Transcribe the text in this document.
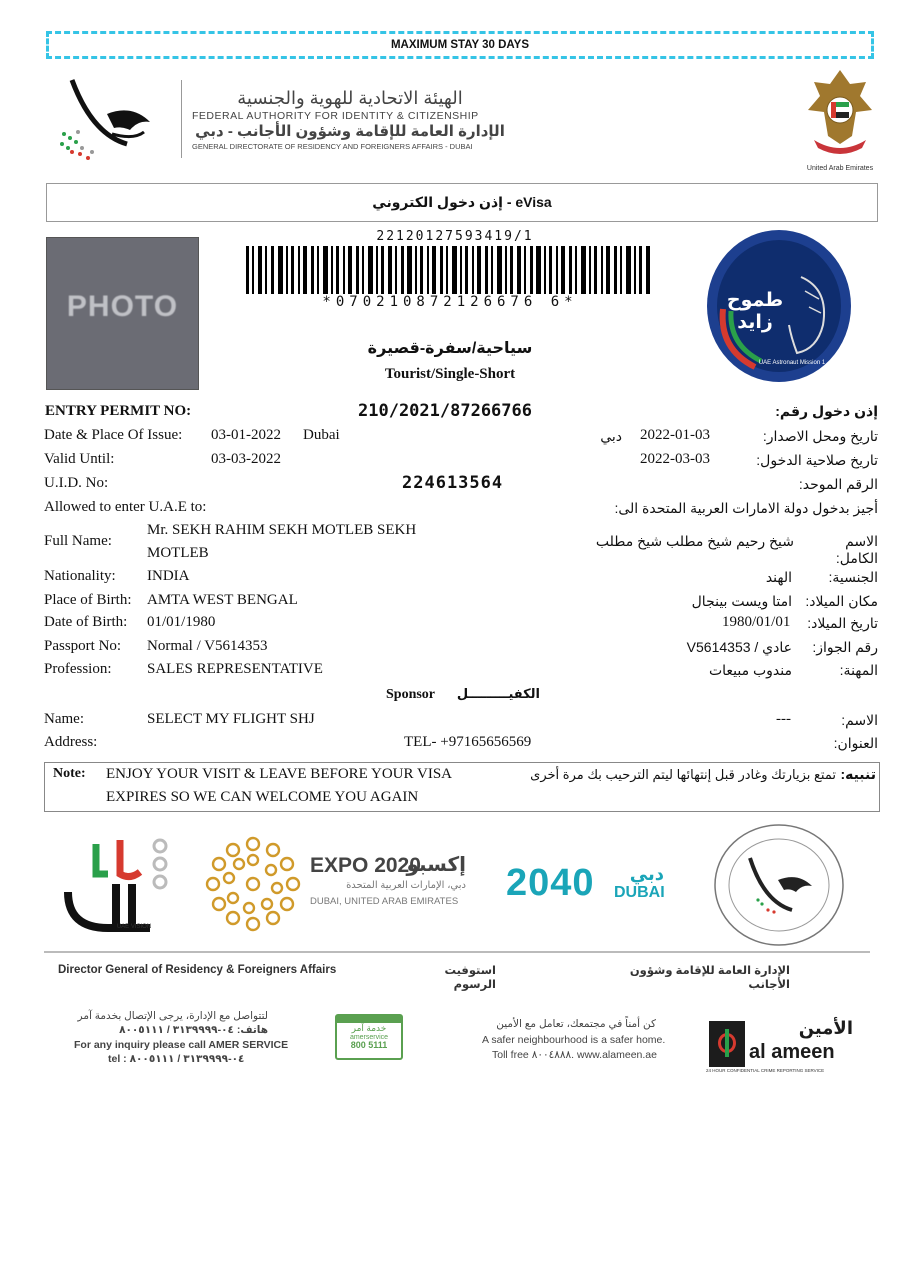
MAXIMUM STAY 30 DAYS
الهيئة الاتحادية للهوية والجنسية
FEDERAL AUTHORITY FOR IDENTITY & CITIZENSHIP
الإدارة العامة للإقامة وشؤون الأجانب - دبي
GENERAL DIRECTORATE OF RESIDENCY AND FOREIGNERS AFFAIRS - DUBAI
United Arab Emirates
إذن دخول الكتروني - eVisa
PHOTO
22120127593419/1
*070210872126676 6*	طموح زايد
UAE Astronaut Mission 1
سياحية/سفرة-قصيرة
Tourist/Single-Short
ENTRY PERMIT NO:	210/2021/87266766	إذن دخول رقم:
Date & Place Of Issue: 03-01-2022 Dubai	دبي 2022-01-03	تاريخ ومحل الاصدار:
Valid Until:	03-03-2022	2022-03-03	تاريخ صلاحية الدخول:
U.I.D. No:	224613564	الرقم الموحد:
Allowed to enter U.A.E to:	أجيز بدخول دولة الامارات العربية المتحدة الى:
Full Name:
Mr. SEKH RAHIM SEKH MOTLEB SEKH
MOTLEB
شيخ رحيم شيخ مطلب شيخ مطلب	الاسم الكامل:
Nationality: INDIA	الهند	الجنسية:
Place of Birth: AMTA WEST BENGAL	امتا ويست بينجال مكان الميلاد:
Date of Birth: 01/01/1980	1980/01/01	تاريخ الميلاد:
Passport No: Normal / V5614353	عادي / V5614353	رقم الجواز:
Profession: SALES REPRESENTATIVE	مندوب مبيعات	المهنة:
Sponsor	الكفيـــــــــل
Name:	SELECT MY FLIGHT SHJ	---	الاسم:
Address:	TEL- +97165656569	العنوان:
Note: ENJOY YOUR VISIT & LEAVE BEFORE YOUR VISA
EXPIRES SO WE CAN WELCOME YOU AGAIN
تمتع بزيارتك وغادر قبل إنتهائها ليتم الترحيب بك مرة أخرى تنبيه:
UAE VISION
EXPO 2020
إكسبو
دبي، الإمارات العربية المتحدة
DUBAI, UNITED ARAB EMIRATES 2040	دبي
DUBAI
Director General of Residency & Foreigners Affairs	استوفيت الرسوم
الإدارة العامة للإقامة وشؤون الأجانب
لتتواصل مع الإدارة، يرجى الإتصال بخدمة آمر
هاتف: ٠٤-٣١٣٩٩٩٩ / ٨٠٠٥١١١
For any inquiry please call AMER SERVICE
tel : ٠٤-٣١٣٩٩٩٩ / ٨٠٠٥١١١
خدمة آمر
amerservice
800 5111
كن أمناً في مجتمعك، تعامل مع الأمين
A safer neighbourhood is a safer home.
Toll free ٨٠٠٤٨٨٨. www.alameen.ae
الأمين
al ameen
24 HOUR CONFIDENTIAL CRIME REPORTING SERVICE
